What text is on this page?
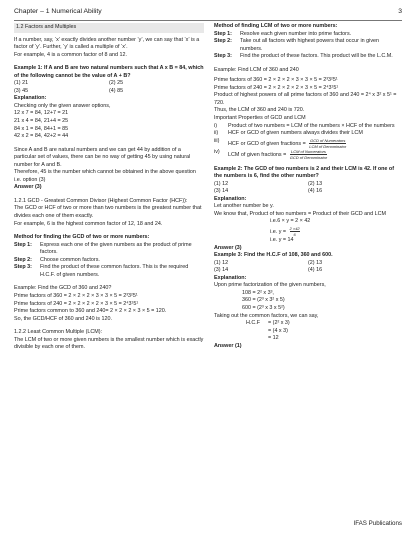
Chapter – 1 Numerical Ability	3
1.2 Factors and Multiples

If a number, say, ‘x’ exactly divides another number ‘y’, we can say that ‘x’ is a factor of ‘y’. Further, ‘y’ is called a multiple of ‘x’.

For example, 4 is a common factor of 8 and 12.

Example 1: If A and B are two natural numbers such that A x B = 84, which of the following cannot be the value of A + B?

(1) 21	(2) 25
(3) 45	(4) 85

Explanation:

Checking only the given answer options,

12 x 7 = 84, 12+7 = 21

21 x 4 = 84, 21+4 = 25

84 x 1 = 84, 84+1 = 85

42 x 2 = 84, 42+2 = 44

Since A and B are natural numbers and we can get 44 by addition of a particular set of values, there can be no way of getting 45 by using natural number for A and B.

Therefore, 45 is the number which cannot be obtained in the above question i.e. option (3)

Answer (3)

1.2.1 GCD - Greatest Common Divisor (Highest Common Factor (HCF)):

The GCD or HCF of two or more than two numbers is the greatest number that divides each one of them exactly.

For example, 6 is the highest common factor of 12, 18 and 24.

Method for finding the GCD of two or more numbers:

Step 1:	Express each one of the given numbers as the product of prime factors.
Step 2:	Choose common factors.
Step 3:	Find the product of these common factors. This is the required H.C.F. of given numbers.

Example: Find the GCD of 360 and 240?

Prime factors of 360 = 2 × 2 × 2 × 3 × 3 × 5 = 2³3²5¹

Prime factors of 240 = 2 × 2 × 2 × 2 × 3 × 5 = 2⁴3¹5¹

Prime factors common to 360 and 240= 2 × 2 × 2 × 3 × 5 = 120.

So, the GCD/HCF of 360 and 240 is 120.

1.2.2 Least Common Multiple (LCM):

The LCM of two or more given numbers is the smallest number which is exactly divisible by each one of them.

Method of finding LCM of two or more numbers:

Step 1:	Resolve each given number into prime factors.
Step 2:	Take out all factors with highest powers that occur in given numbers.
Step 3:	Find the product of these factors. This product will be the L.C.M.

Example: Find LCM of 360 and 240

Prime factors of 360 = 2 × 2 × 2 × 3 × 3 × 5 = 2³3²5¹

Prime factors of 240 = 2 × 2 × 2 × 2 × 3 × 5 = 2⁴3¹5¹

Product of highest powers of all prime factors of 360 and 240 = 2⁴ x 3² x 5¹ = 720.

Thus, the LCM of 360 and 240 is 720.

Important Properties of GCD and LCM

i)	Product of two numbers = LCM of the numbers × HCF of the numbers
ii)	HCF or GCD of given numbers always divides their LCM
iii)	HCF or GCD of given fractions = $\frac{\text{GCD of Numerators}}{\text{LCM of Denominator}}$
iv)	LCM of given fractions = $\frac{\text{LCM of Numerators}}{\text{GCD of Denominator}}$

Example 2: The GCD of two numbers is 2 and their LCM is 42. If one of the numbers is 6, find the other number?

(1) 12	(2) 13
(3) 14	(4) 16

Explanation:

Let another number be y.

We know that, Product of two numbers = Product of their GCD and LCM

i.e.6 × y = 2 × 42

i.e. $y = \frac{2 \times 42}{6}$

i.e. y = 14

Answer (3)

Example 3: Find the H.C.F of 108, 360 and 600.

(1) 12	(2) 13
(3) 14	(4) 16

Explanation:

Upon prime factorization of the given numbers,

108 = 2² x 3³,

360 = (2³ x 3² x 5)

600 = (2³ x 3 x 5²)

Taking out the common factors, we can say,

H.C.F	= (2² x 3)
= (4 x 3)
= 12

Answer (1)

IFAS Publications
